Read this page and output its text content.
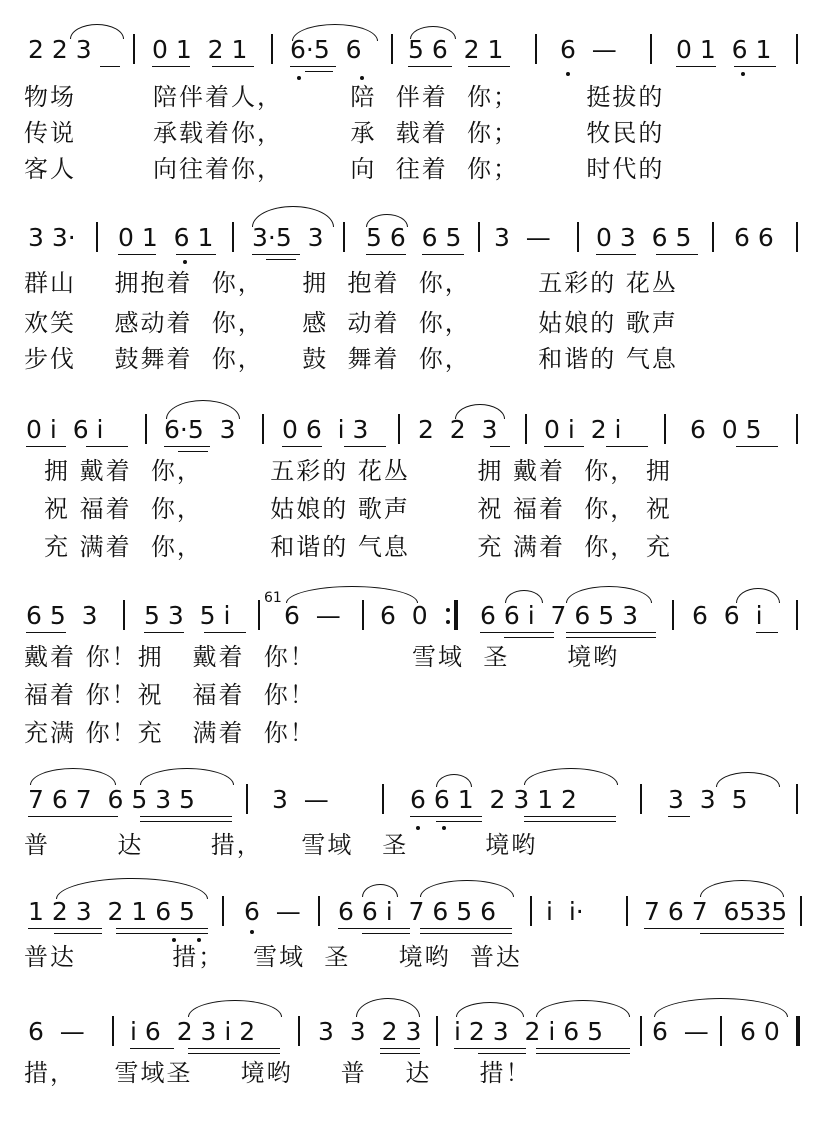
2 2 3 0 1  2 1 6·5  6 5 6  2 1 6  — 0 1  6 1
物场        陪伴着人，       陪  伴着  你；       挺拔的
传说        承载着你，       承  载着  你；       牧民的
客人        向往着你，       向  往着  你；       时代的
3 3· 0 1  6 1 3·5  3 5 6  6 5 3  — 0 3  6 5 6 6
群山    拥抱着  你，    拥  抱着  你，       五彩的 花丛
欢笑    感动着  你，    感  动着  你，       姑娘的 歌声
步伐    鼓舞着  你，    鼓  舞着  你，       和谐的 气息
0 i  6 i 6·5  3 0 6  i 3 2  2  3 0 i  2 i	6  0 5
拥 戴着  你，       五彩的 花丛       拥 戴着  你， 拥
祝 福着  你，       姑娘的 歌声       祝 福着  你， 祝
充 满着  你，       和谐的 气息       充 满着  你， 充
6 5  3 5 3  5 i 6  — 6  0 6 6 i  7 6 5 3 6  6  i
61
戴着 你！拥   戴着  你！          雪域  圣      境哟
福着 你！祝   福着  你！
充满 你！充   满着  你！
7 6 7  6 5 3 5	3  —	6 6 1  2 3 1 2	3  3  5
普       达       措，    雪域   圣        境哟
1 2 3  2 1 6 5 6  — 6 6 i  7 6 5 6 i  i· 7 6 7  6535
普达          措；   雪域  圣     境哟  普达
6  — i 6  2 3 i 2	3  3  2 3 i 2 3  2 i 6 5 6  — 6 0
措，    雪域圣     境哟     普    达     措！
